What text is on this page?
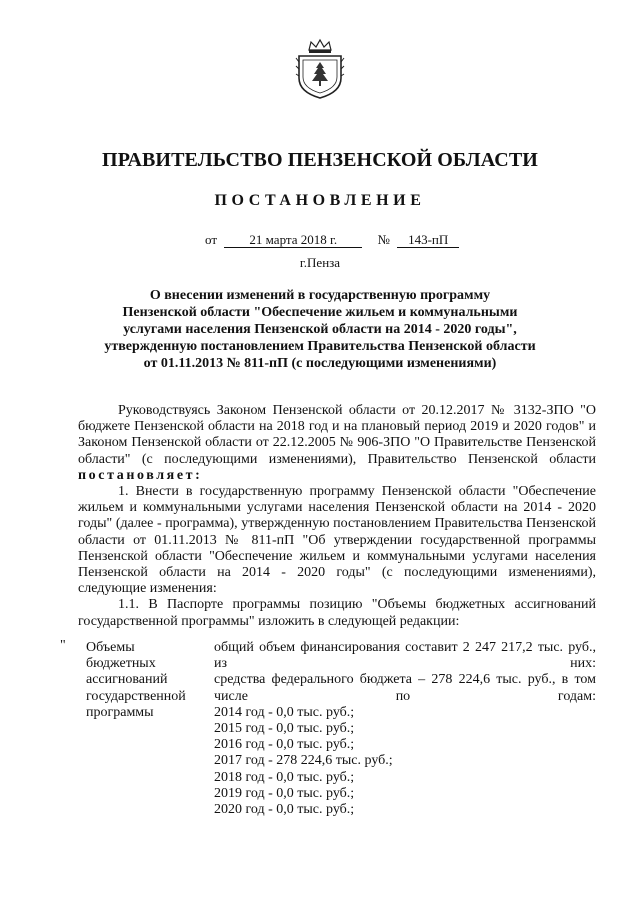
ПРАВИТЕЛЬСТВО ПЕНЗЕНСКОЙ ОБЛАСТИ
ПОСТАНОВЛЕНИЕ
от 21 марта 2018 г.	№ 143-пП
г.Пенза
О внесении изменений в государственную программу
Пензенской области "Обеспечение жильем и коммунальными
услугами населения Пензенской области на 2014 - 2020 годы",
утвержденную постановлением Правительства Пензенской области
от 01.11.2013 № 811-пП (с последующими изменениями)
Руководствуясь Законом Пензенской области от 20.12.2017 № 3132-ЗПО "О бюджете Пензенской области на 2018 год и на плановый период 2019 и 2020 годов" и Законом Пензенской области от 22.12.2005 № 906-ЗПО "О Правительстве Пензенской области" (с последующими изменениями), Правительство Пензенской области постановляет:
1. Внести в государственную программу Пензенской области "Обеспечение жильем и коммунальными услугами населения Пензенской области на 2014 - 2020 годы" (далее - программа), утвержденную постановлением Правительства Пензенской области от 01.11.2013 № 811-пП "Об утверждении государственной программы Пензенской области "Обеспечение жильем и коммунальными услугами населения Пензенской области на 2014 - 2020 годы" (с последующими изменениями), следующие изменения:
1.1. В Паспорте программы позицию "Объемы бюджетных ассигнований государственной программы" изложить в следующей редакции:
" Объемы
бюджетных
ассигнований
государственной
программы
общий объем финансирования составит 2 247 217,2 тыс. руб., из них:
средства федерального бюджета – 278 224,6 тыс. руб., в том числе по годам:
2014 год - 0,0 тыс. руб.;
2015 год - 0,0 тыс. руб.;
2016 год - 0,0 тыс. руб.;
2017 год - 278 224,6 тыс. руб.;
2018 год - 0,0 тыс. руб.;
2019 год - 0,0 тыс. руб.;
2020 год - 0,0 тыс. руб.;
